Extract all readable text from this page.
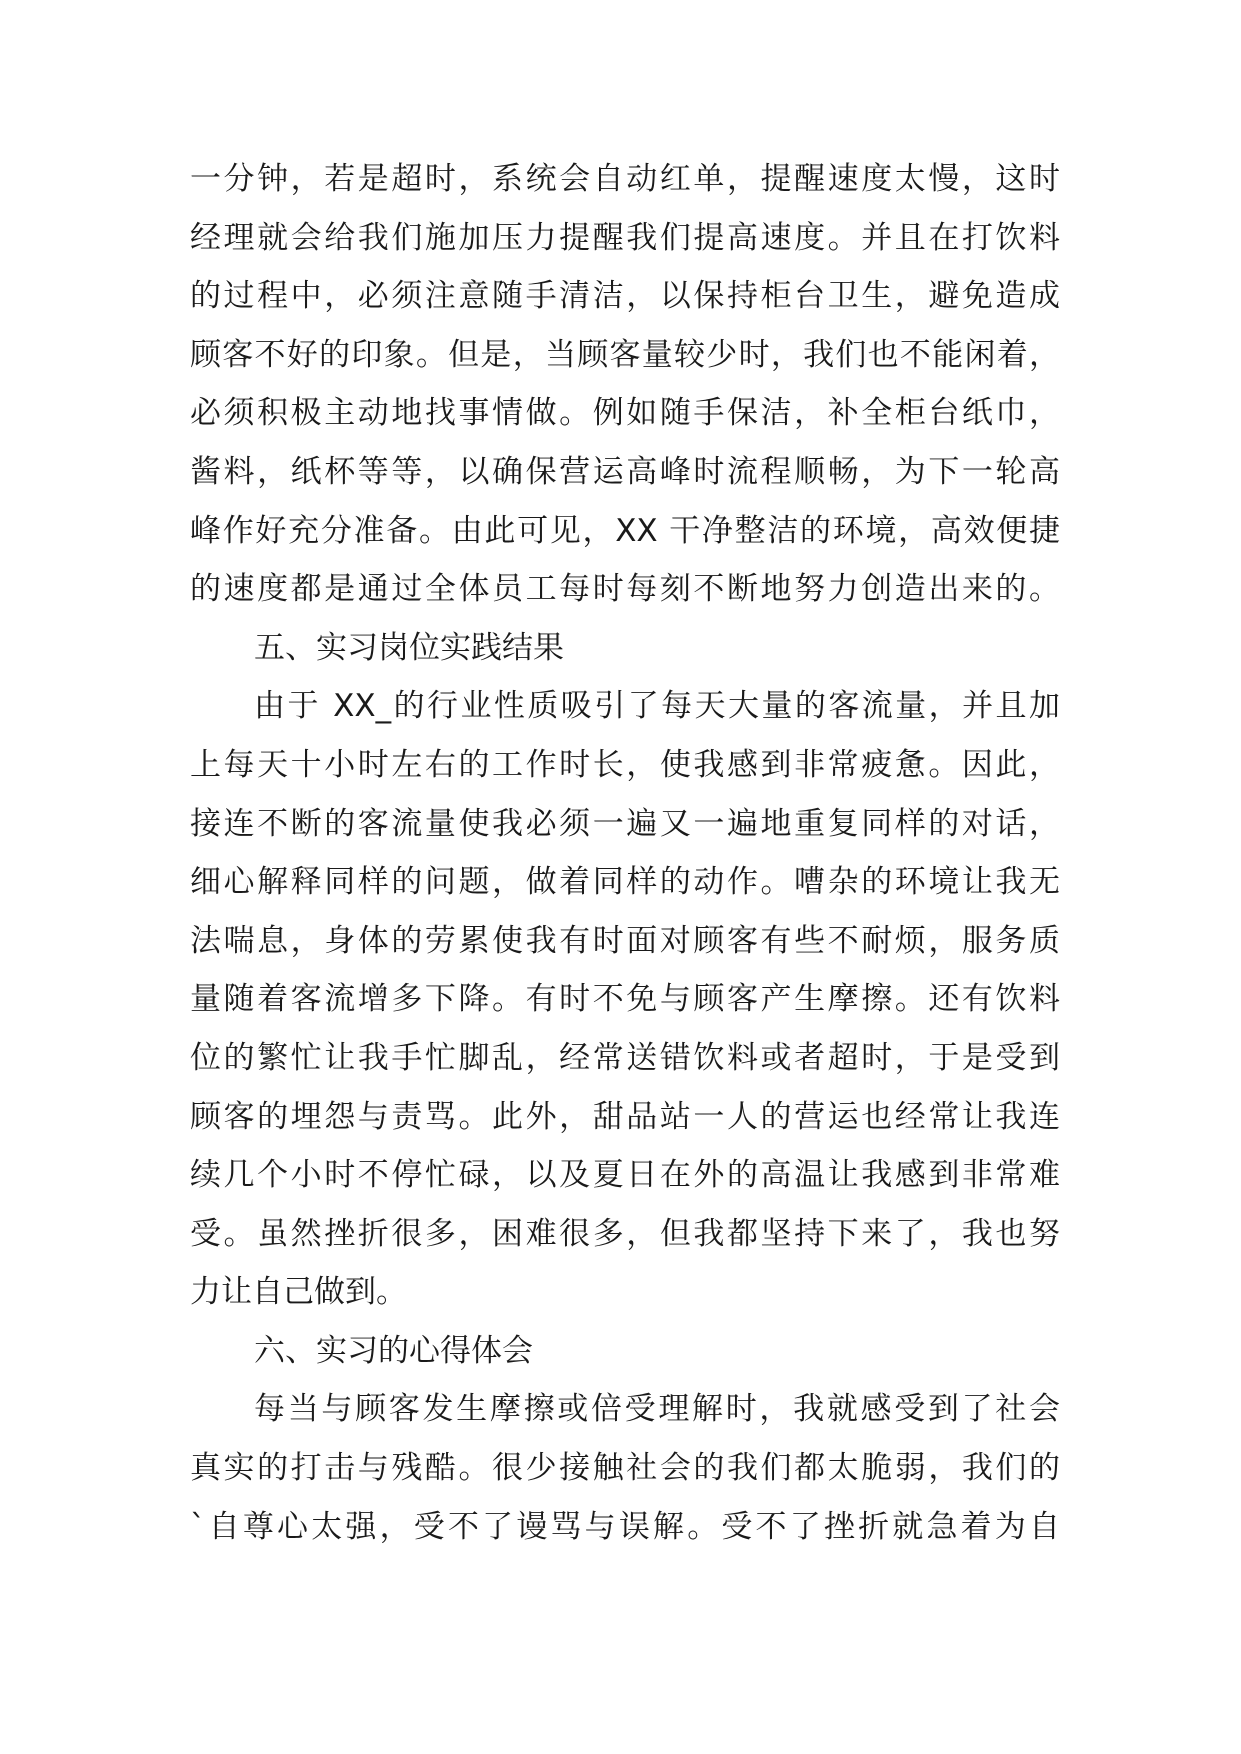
一分钟，若是超时，系统会自动红单，提醒速度太慢，这时
经理就会给我们施加压力提醒我们提高速度。并且在打饮料
的过程中，必须注意随手清洁，以保持柜台卫生，避免造成
顾客不好的印象。但是，当顾客量较少时，我们也不能闲着，
必须积极主动地找事情做。例如随手保洁，补全柜台纸巾，
酱料，纸杯等等，以确保营运高峰时流程顺畅，为下一轮高
峰作好充分准备。由此可见，XX 干净整洁的环境，高效便捷
的速度都是通过全体员工每时每刻不断地努力创造出来的。
五、实习岗位实践结果
由于 XX_的行业性质吸引了每天大量的客流量，并且加
上每天十小时左右的工作时长，使我感到非常疲惫。因此，
接连不断的客流量使我必须一遍又一遍地重复同样的对话，
细心解释同样的问题，做着同样的动作。嘈杂的环境让我无
法喘息，身体的劳累使我有时面对顾客有些不耐烦，服务质
量随着客流增多下降。有时不免与顾客产生摩擦。还有饮料
位的繁忙让我手忙脚乱，经常送错饮料或者超时，于是受到
顾客的埋怨与责骂。此外，甜品站一人的营运也经常让我连
续几个小时不停忙碌，以及夏日在外的高温让我感到非常难
受。虽然挫折很多，困难很多，但我都坚持下来了，我也努
力让自己做到。
六、实习的心得体会
每当与顾客发生摩擦或倍受理解时，我就感受到了社会
真实的打击与残酷。很少接触社会的我们都太脆弱，我们的
`自尊心太强，受不了谩骂与误解。受不了挫折就急着为自
